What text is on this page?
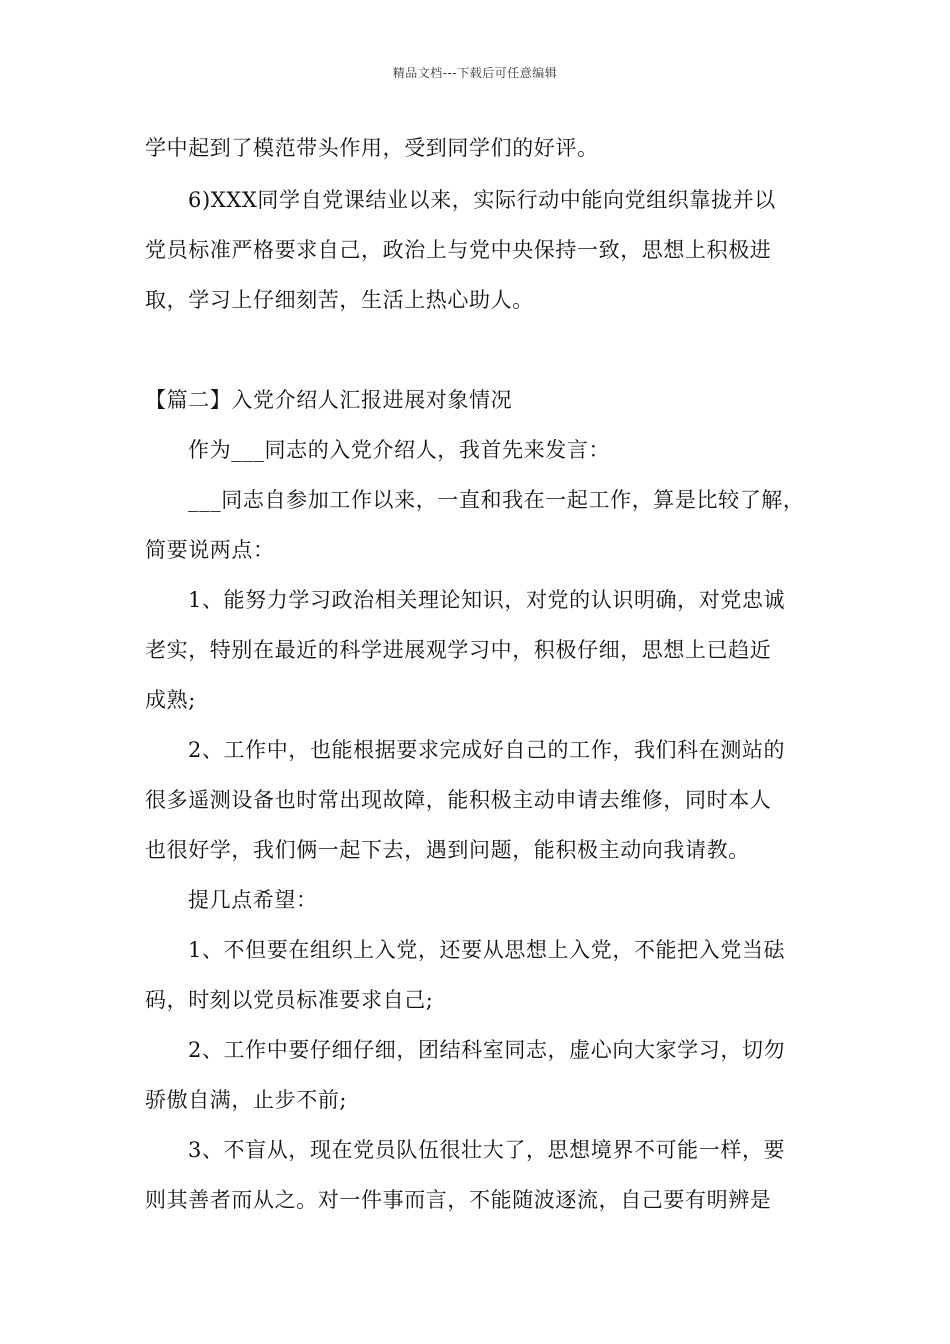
精品文档---下载后可任意编辑
学中起到了模范带头作用，受到同学们的好评。
6)XXX同学自党课结业以来，实际行动中能向党组织靠拢并以
党员标准严格要求自己，政治上与党中央保持一致，思想上积极进
取，学习上仔细刻苦，生活上热心助人。
【篇二】入党介绍人汇报进展对象情况
作为___同志的入党介绍人，我首先来发言：
___同志自参加工作以来，一直和我在一起工作，算是比较了解，
简要说两点：
1、能努力学习政治相关理论知识，对党的认识明确，对党忠诚
老实，特别在最近的科学进展观学习中，积极仔细，思想上已趋近
成熟;
2、工作中，也能根据要求完成好自己的工作，我们科在测站的
很多遥测设备也时常出现故障，能积极主动申请去维修，同时本人
也很好学，我们俩一起下去，遇到问题，能积极主动向我请教。
提几点希望：
1、不但要在组织上入党，还要从思想上入党，不能把入党当砝
码，时刻以党员标准要求自己;
2、工作中要仔细仔细，团结科室同志，虚心向大家学习，切勿
骄傲自满，止步不前;
3、不盲从，现在党员队伍很壮大了，思想境界不可能一样，要
则其善者而从之。对一件事而言，不能随波逐流，自己要有明辨是
